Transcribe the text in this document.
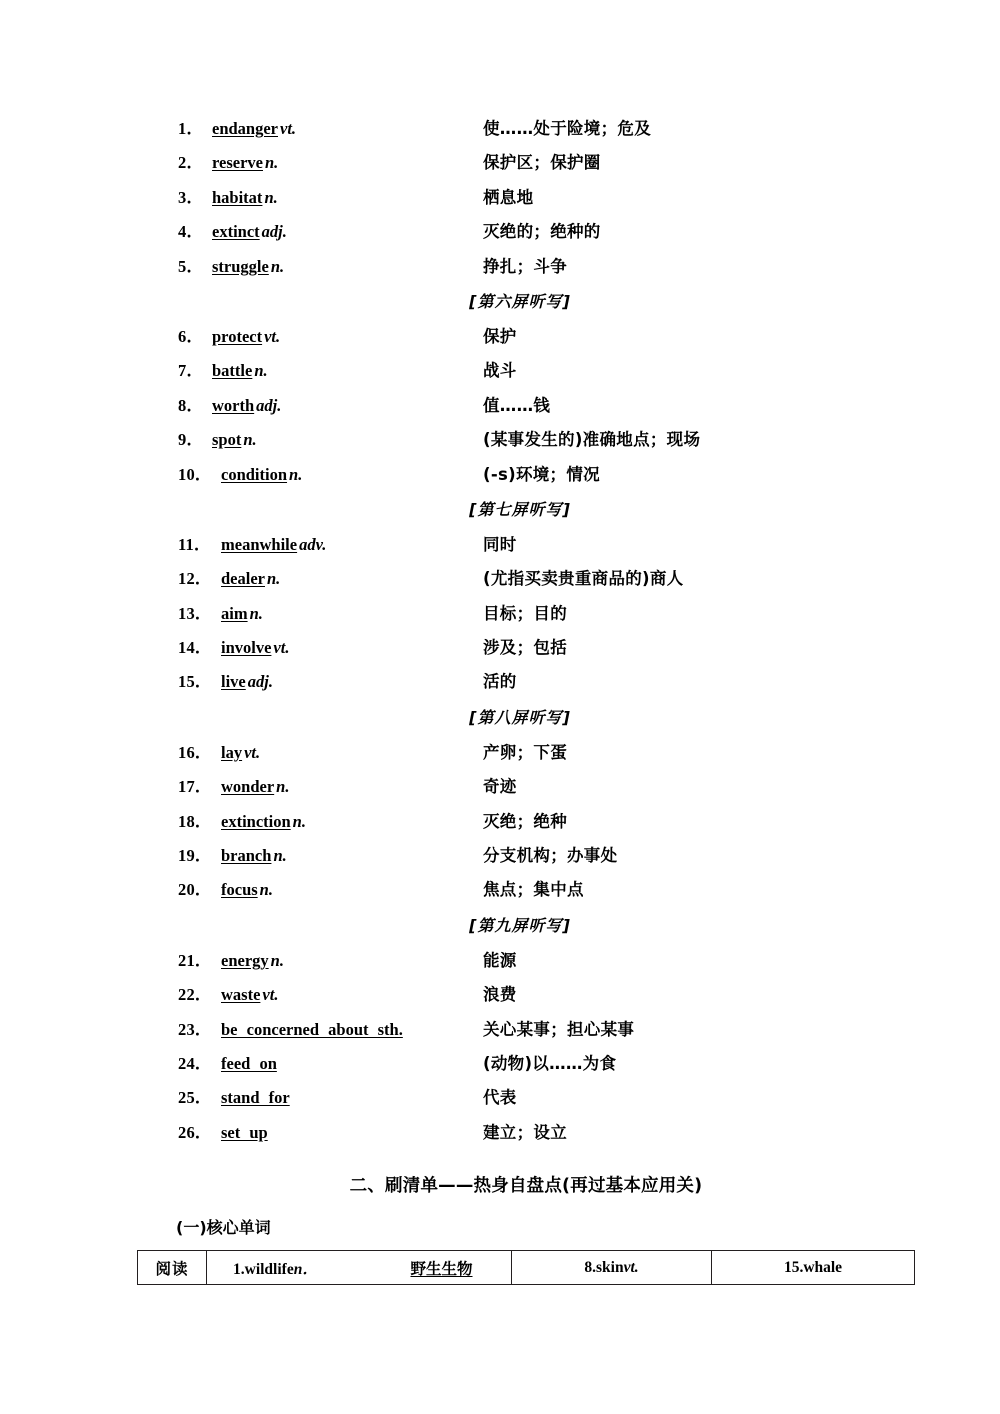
1． endanger vt.	使……处于险境；危及
2． reserve n.	保护区；保护圈
3． habitat n.	栖息地
4． extinct adj.	灭绝的；绝种的
5． struggle n.	挣扎；斗争
[第六屏听写]
6． protect vt.	保护
7． battle n.	战斗
8． worth adj.	值……钱
9． spot n.	(某事发生的)准确地点；现场
10． condition n.	(-s)环境；情况
[第七屏听写]
11． meanwhile adv.	同时
12． dealer n.	(尤指买卖贵重商品的)商人
13． aim n.	目标；目的
14． involve vt.	涉及；包括
15． live adj.	活的
[第八屏听写]
16． lay vt.	产卵；下蛋
17． wonder n.	奇迹
18． extinction n.	灭绝；绝种
19． branch n.	分支机构；办事处
20． focus n.	焦点；集中点
[第九屏听写]
21． energy n.	能源
22． waste vt.	浪费
23． be concerned about sth.	关心某事；担心某事
24． feed on	(动物)以……为食
25． stand for	代表
26． set up	建立；设立
二、刷清单——热身自盘点(再过基本应用关)
(一)核心单词
阅读	1.wildlifen．	野生生物	8.skinvt.	15.whale
